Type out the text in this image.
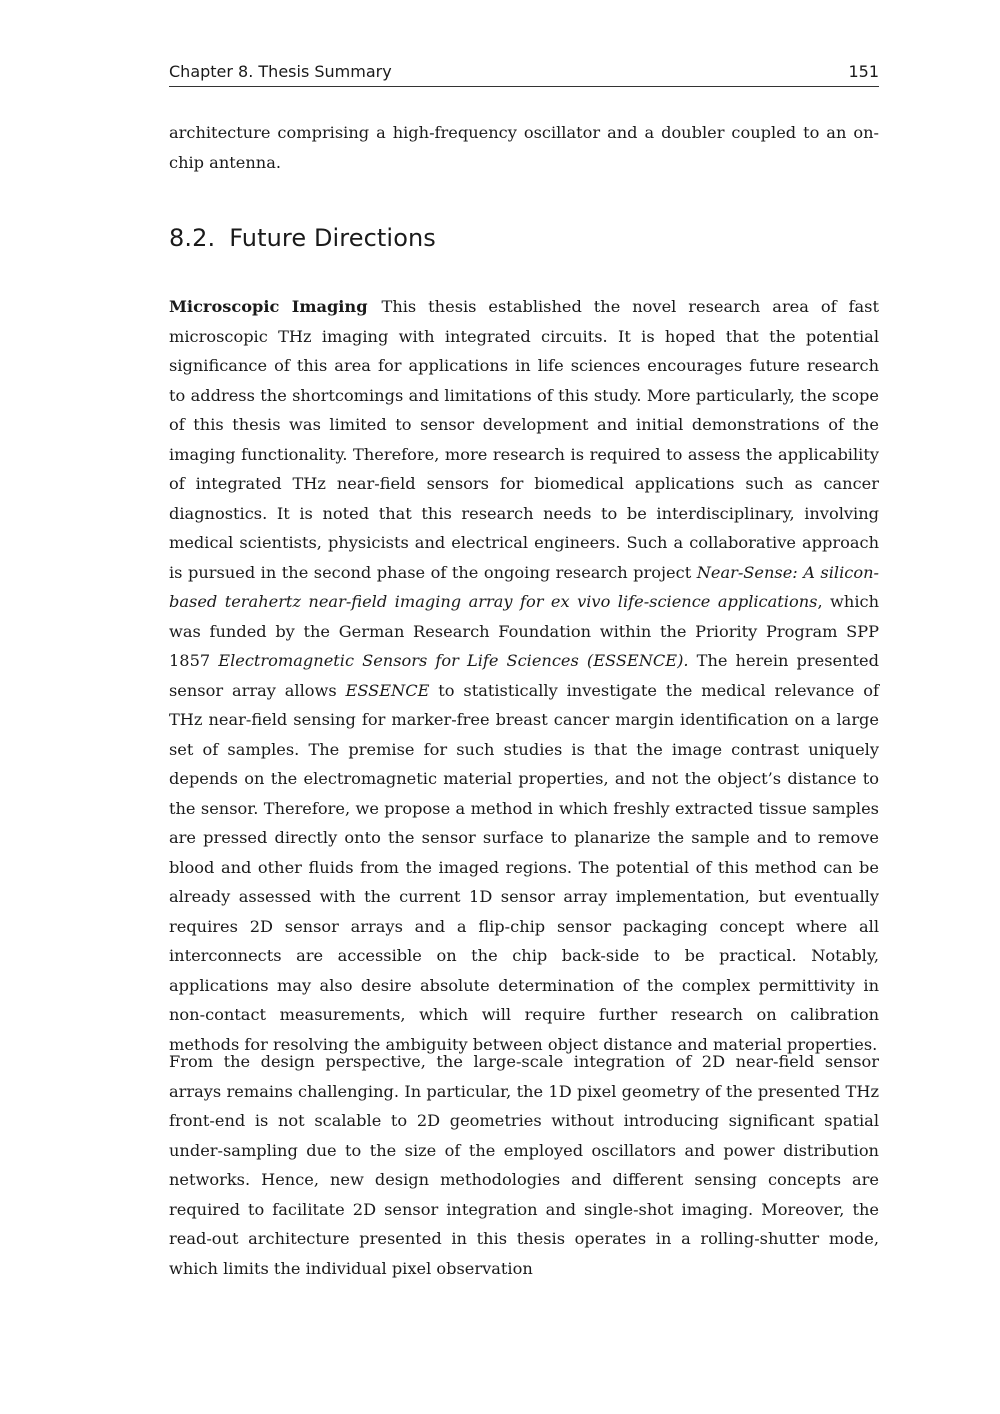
Chapter 8. Thesis Summary	151

architecture comprising a high-frequency oscillator and a doubler coupled to an on-chip antenna.

8.2. Future Directions

Microscopic Imaging This thesis established the novel research area of fast microscopic THz imaging with integrated circuits. It is hoped that the potential significance of this area for applications in life sciences encourages future research to address the shortcomings and limitations of this study. More particularly, the scope of this thesis was limited to sensor development and initial demonstrations of the imaging functionality. Therefore, more research is required to assess the applicability of integrated THz near-field sensors for biomedical applications such as cancer diagnostics. It is noted that this research needs to be interdisciplinary, involving medical scientists, physicists and electrical engineers. Such a collaborative approach is pursued in the second phase of the ongoing research project Near-Sense: A silicon-based terahertz near-field imaging array for ex vivo life-science applications, which was funded by the German Research Foundation within the Priority Program SPP 1857 Electromagnetic Sensors for Life Sciences (ESSENCE). The herein presented sensor array allows ESSENCE to statistically investigate the medical relevance of THz near-field sensing for marker-free breast cancer margin identification on a large set of samples. The premise for such studies is that the image contrast uniquely depends on the electromagnetic material properties, and not the object’s distance to the sensor. Therefore, we propose a method in which freshly extracted tissue samples are pressed directly onto the sensor surface to planarize the sample and to remove blood and other fluids from the imaged regions. The potential of this method can be already assessed with the current 1D sensor array implementation, but eventually requires 2D sensor arrays and a flip-chip sensor packaging concept where all interconnects are accessible on the chip back-side to be practical. Notably, applications may also desire absolute determination of the complex permittivity in non-contact measurements, which will require further research on calibration methods for resolving the ambiguity between object distance and material properties.

From the design perspective, the large-scale integration of 2D near-field sensor arrays remains challenging. In particular, the 1D pixel geometry of the presented THz front-end is not scalable to 2D geometries without introducing significant spatial under-sampling due to the size of the employed oscillators and power distribution networks. Hence, new design methodologies and different sensing concepts are required to facilitate 2D sensor integration and single-shot imaging. Moreover, the read-out architecture presented in this thesis operates in a rolling-shutter mode, which limits the individual pixel observation
